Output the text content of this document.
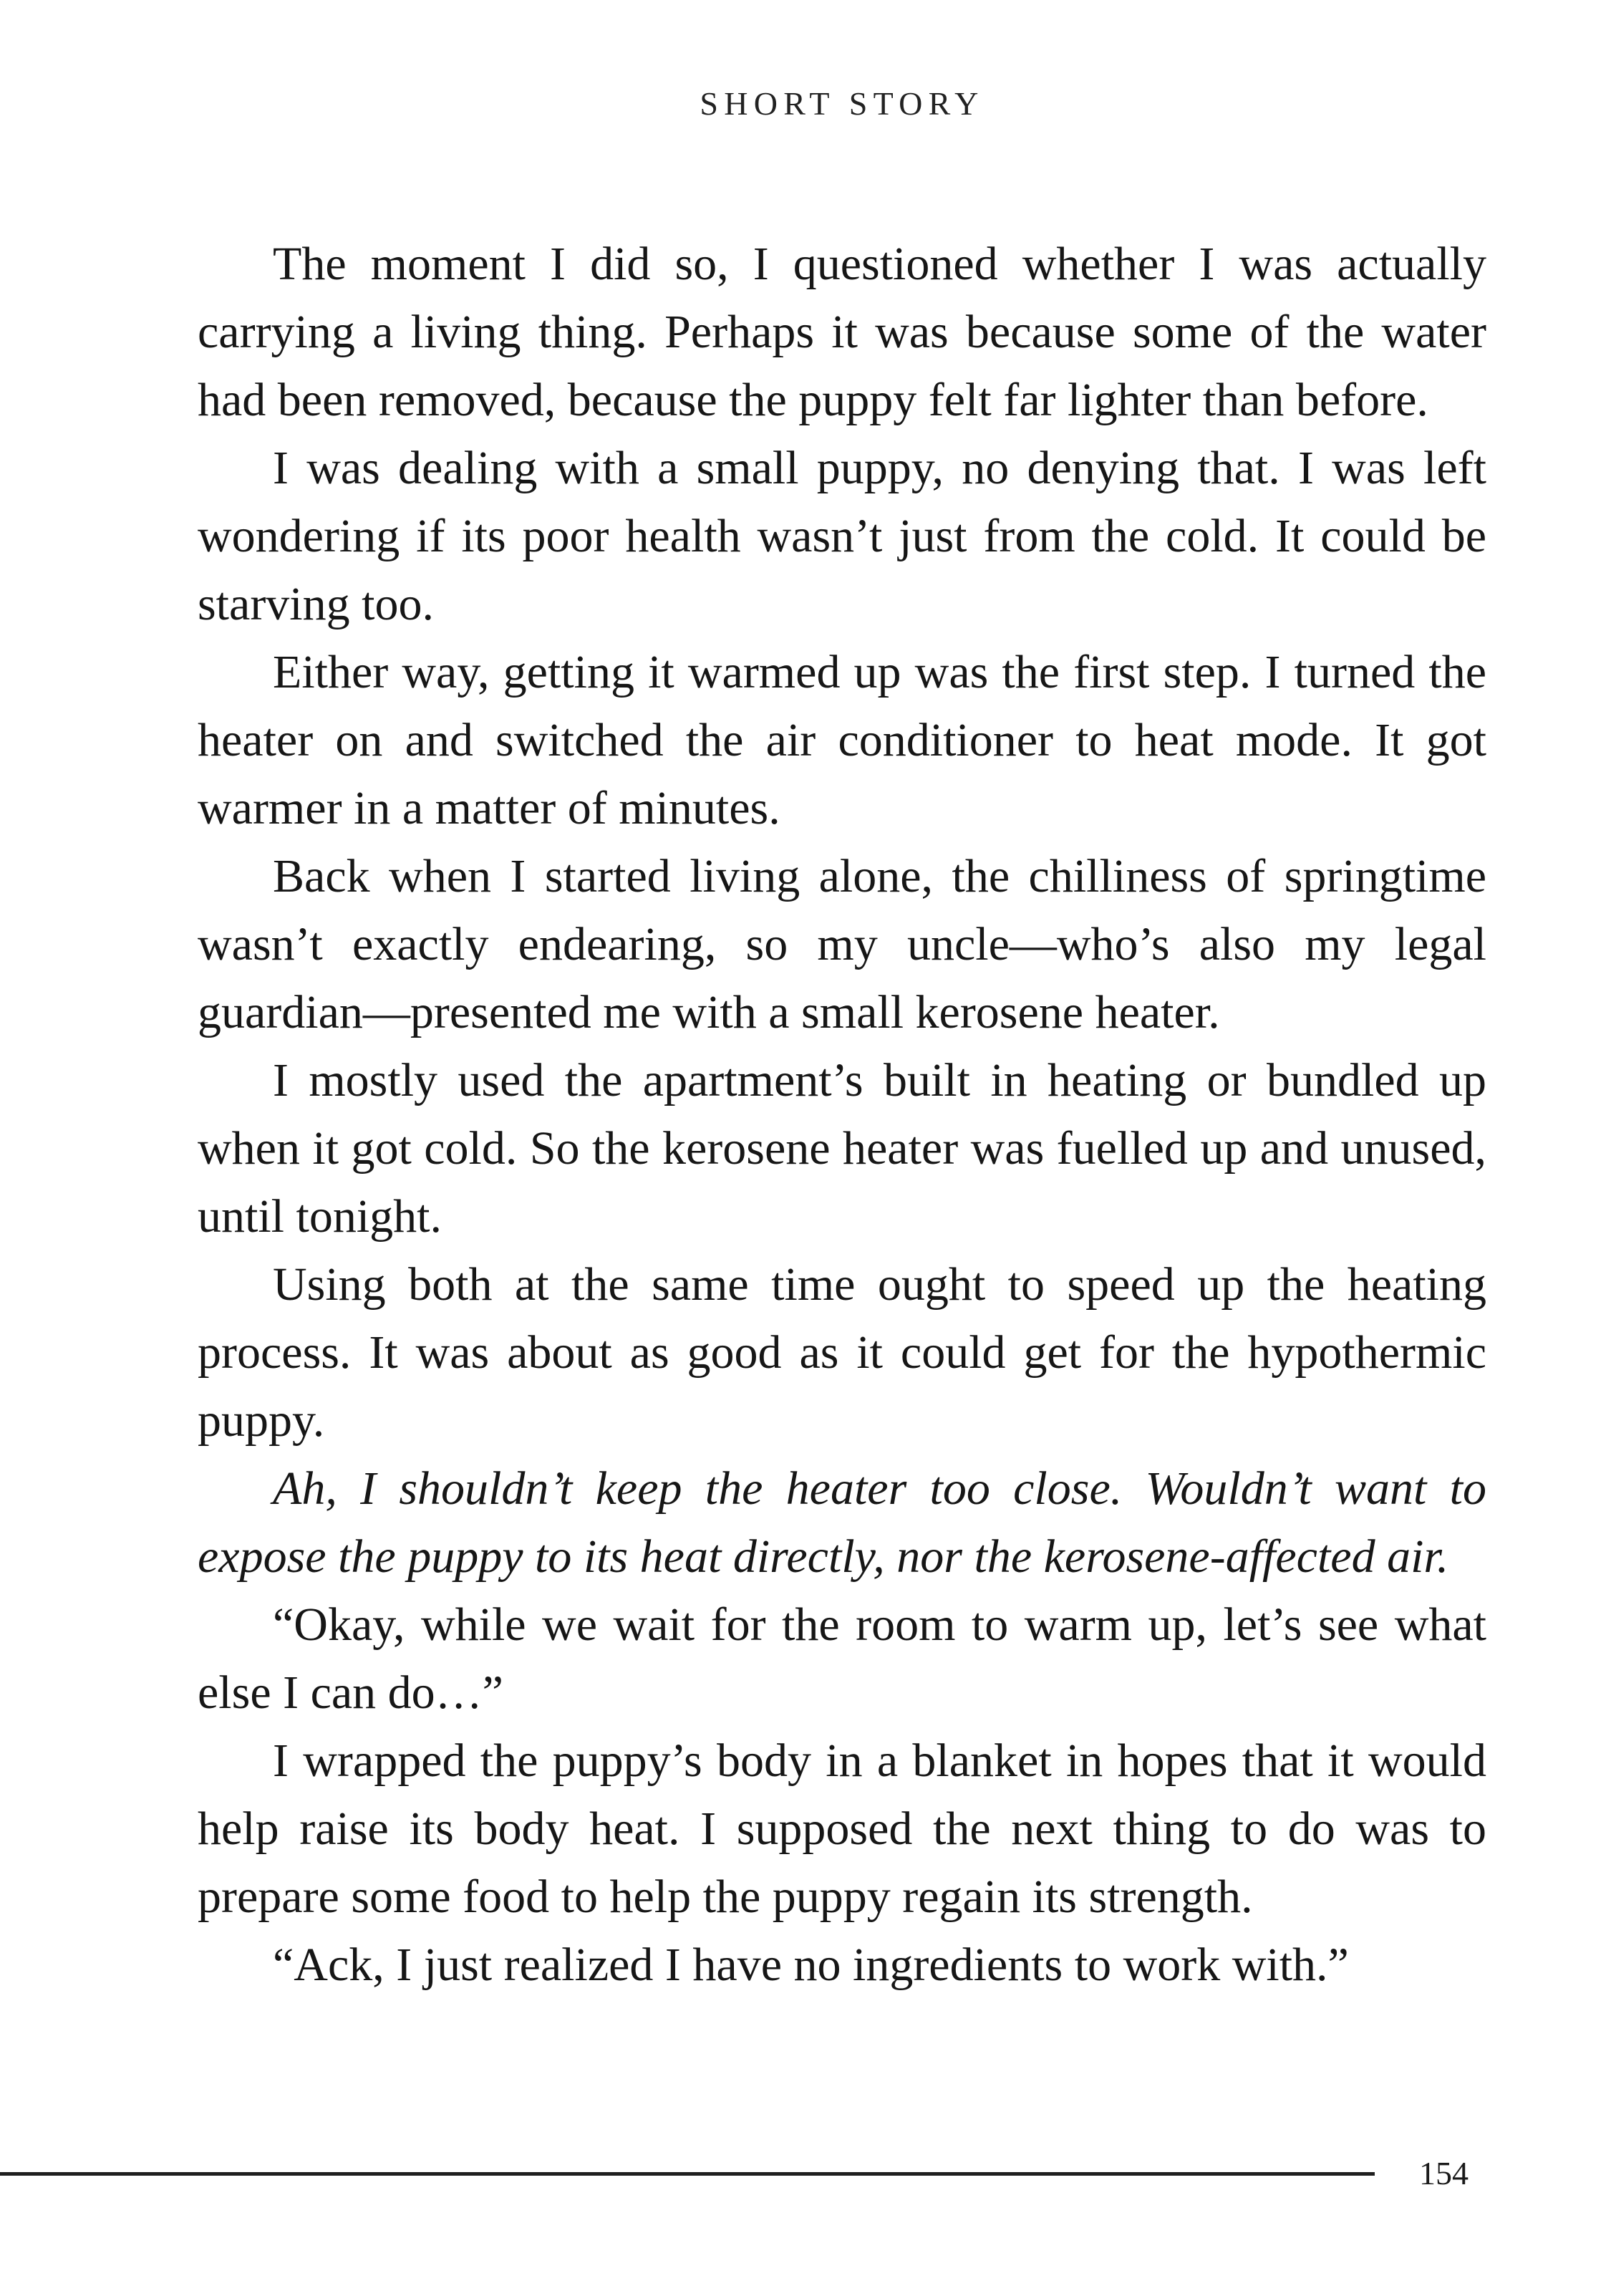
SHORT STORY

The moment I did so, I questioned whether I was actually carrying a living thing. Perhaps it was because some of the water had been removed, because the puppy felt far lighter than before.

I was dealing with a small puppy, no denying that. I was left wondering if its poor health wasn’t just from the cold. It could be starving too.

Either way, getting it warmed up was the first step. I turned the heater on and switched the air conditioner to heat mode. It got warmer in a matter of minutes.

Back when I started living alone, the chilliness of springtime wasn’t exactly endearing, so my uncle—who’s also my legal guardian—presented me with a small kerosene heater.

I mostly used the apartment’s built in heating or bundled up when it got cold. So the kerosene heater was fuelled up and unused, until tonight.

Using both at the same time ought to speed up the heating process. It was about as good as it could get for the hypothermic puppy.

Ah, I shouldn’t keep the heater too close. Wouldn’t want to expose the puppy to its heat directly, nor the kerosene-affected air.

“Okay, while we wait for the room to warm up, let’s see what else I can do…”

I wrapped the puppy’s body in a blanket in hopes that it would help raise its body heat. I supposed the next thing to do was to prepare some food to help the puppy regain its strength.

“Ack, I just realized I have no ingredients to work with.”

154
